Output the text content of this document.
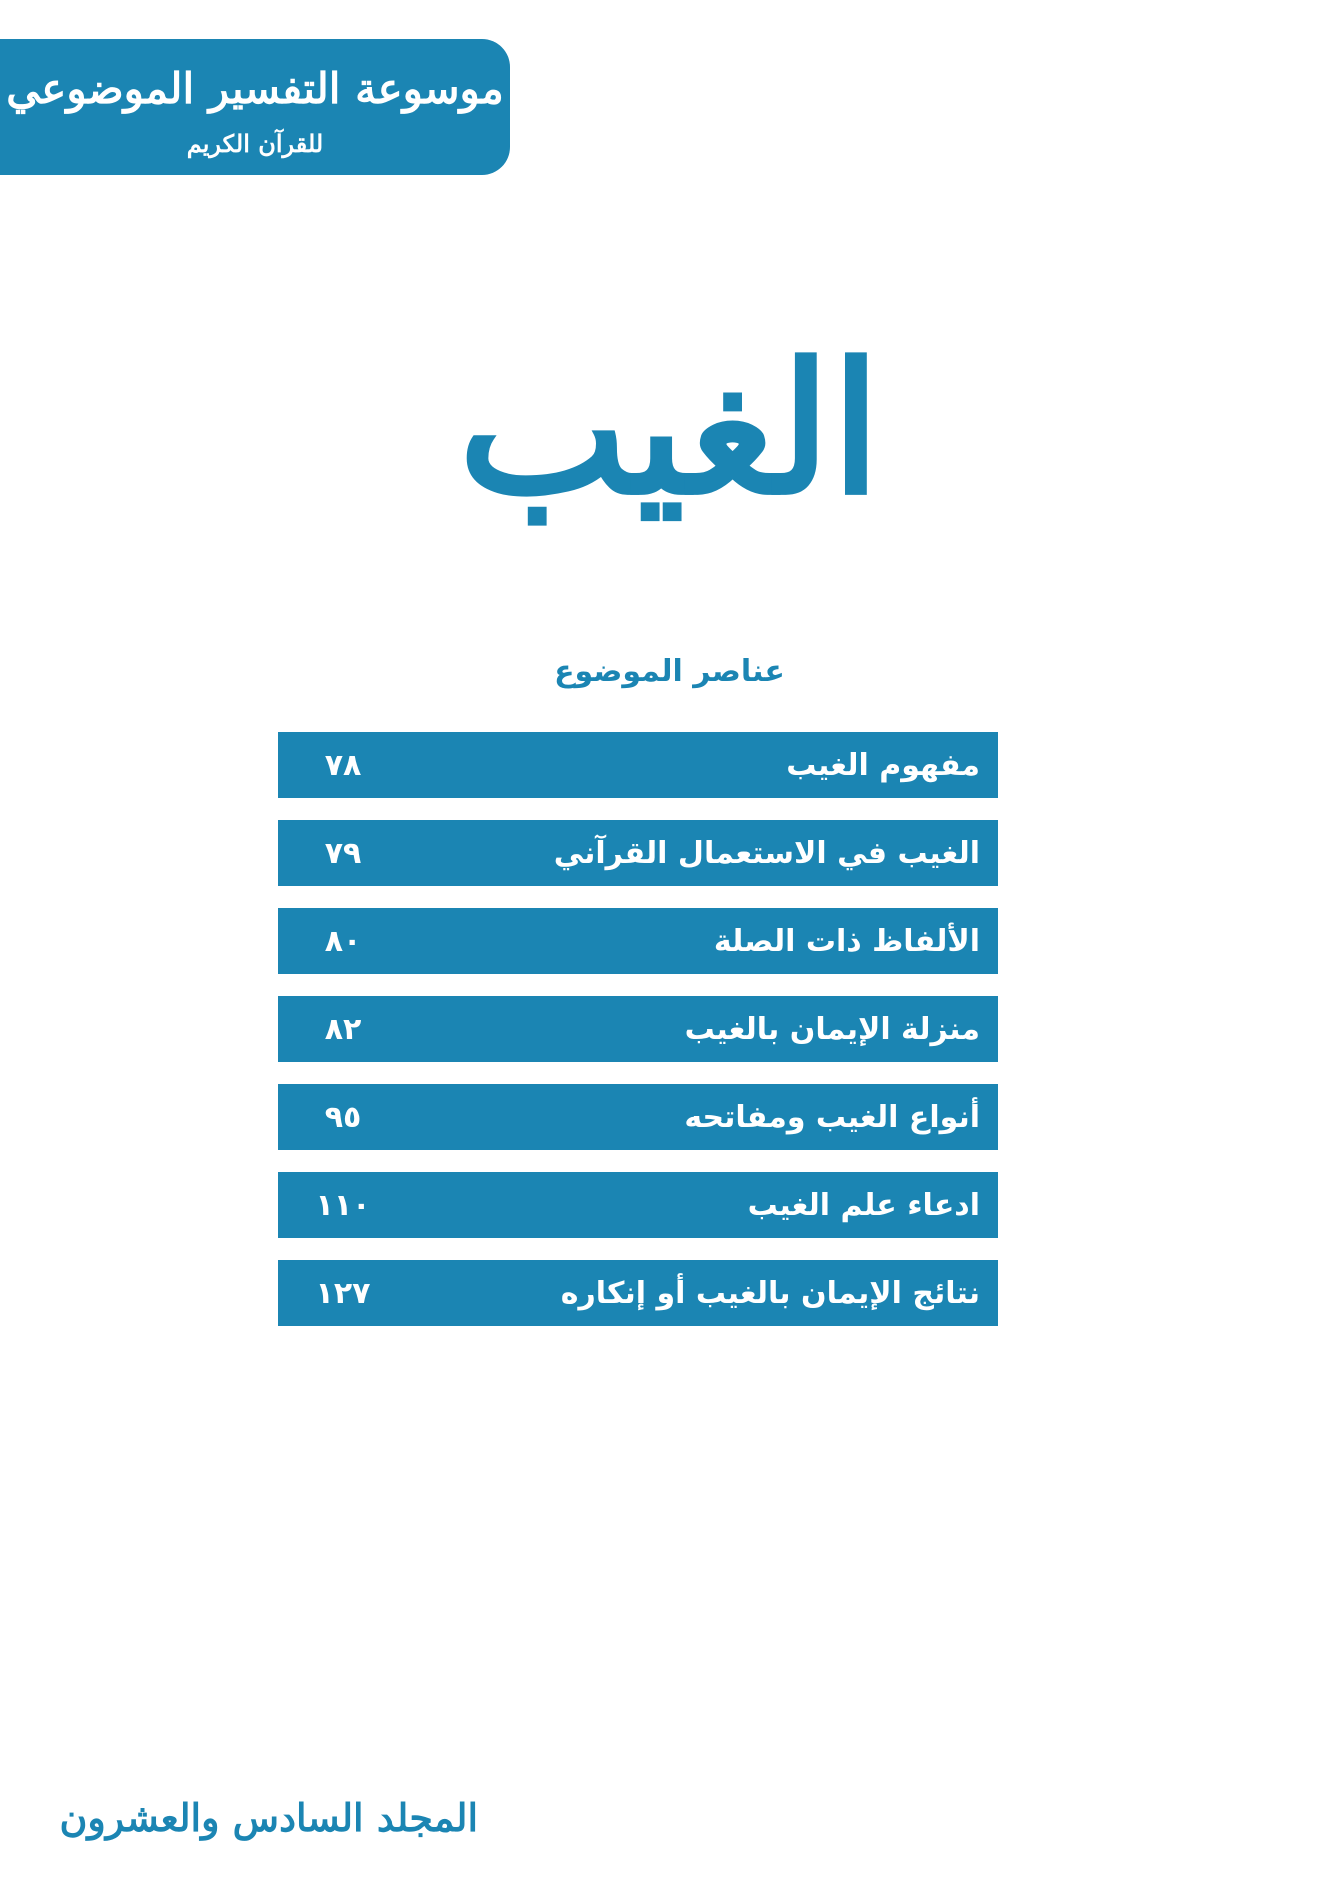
موسوعة التفسير الموضوعي
للقرآن الكريم
الغيب
عناصر الموضوع
مفهوم الغيب
٧٨
الغيب في الاستعمال القرآني
٧٩
الألفاظ ذات الصلة
٨٠
منزلة الإيمان بالغيب
٨٢
أنواع الغيب ومفاتحه
٩٥
ادعاء علم الغيب
١١٠
نتائج الإيمان بالغيب أو إنكاره
١٢٧
المجلد السادس والعشرون
